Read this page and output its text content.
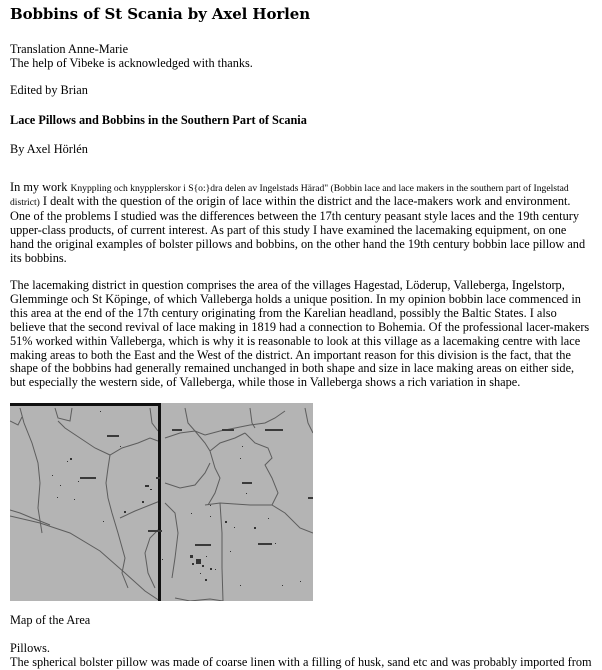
Bobbins of St Scania by Axel Horlen
Translation Anne-Marie

The help of Vibeke is acknowledged with thanks.

Edited by Brian

Lace Pillows and Bobbins in the Southern Part of Scania

By Axel Hörlén

In my work Knyppling och knypplerskor i S{o:}dra delen av Ingelstads Härad" (Bobbin lace and lace makers in the southern part of Ingelstad district) I dealt with the question of the origin of lace within the district and the lace-makers work and environment. One of the problems I studied was the differences between the 17th century peasant style laces and the 19th century upper-class products, of current interest. As part of this study I have examined the lacemaking equipment, on one hand the original examples of bolster pillows and bobbins, on the other hand the 19th century bobbin lace pillow and its bobbins.

The lacemaking district in question comprises the area of the villages Hagestad, Löderup, Valleberga, Ingelstorp, Glemminge och St Köpinge, of which Valleberga holds a unique position. In my opinion bobbin lace commenced in this area at the end of the 17th century originating from the Karelian headland, possibly the Baltic States. I also believe that the second revival of lace making in 1819 had a connection to Bohemia. Of the professional lacer-makers 51% worked within Valleberga, which is why it is reasonable to look at this village as a lacemaking centre with lace making areas to both the East and the West of the district. An important reason for this division is the fact, that the shape of the bobbins had generally remained unchanged in both shape and size in lace making areas on either side, but especially the western side, of Valleberga, while those in Valleberga shows a rich variation in shape.

Map of the Area

Pillows.
The spherical bolster pillow was made of coarse linen with a filling of husk, sand etc and was probably imported from
